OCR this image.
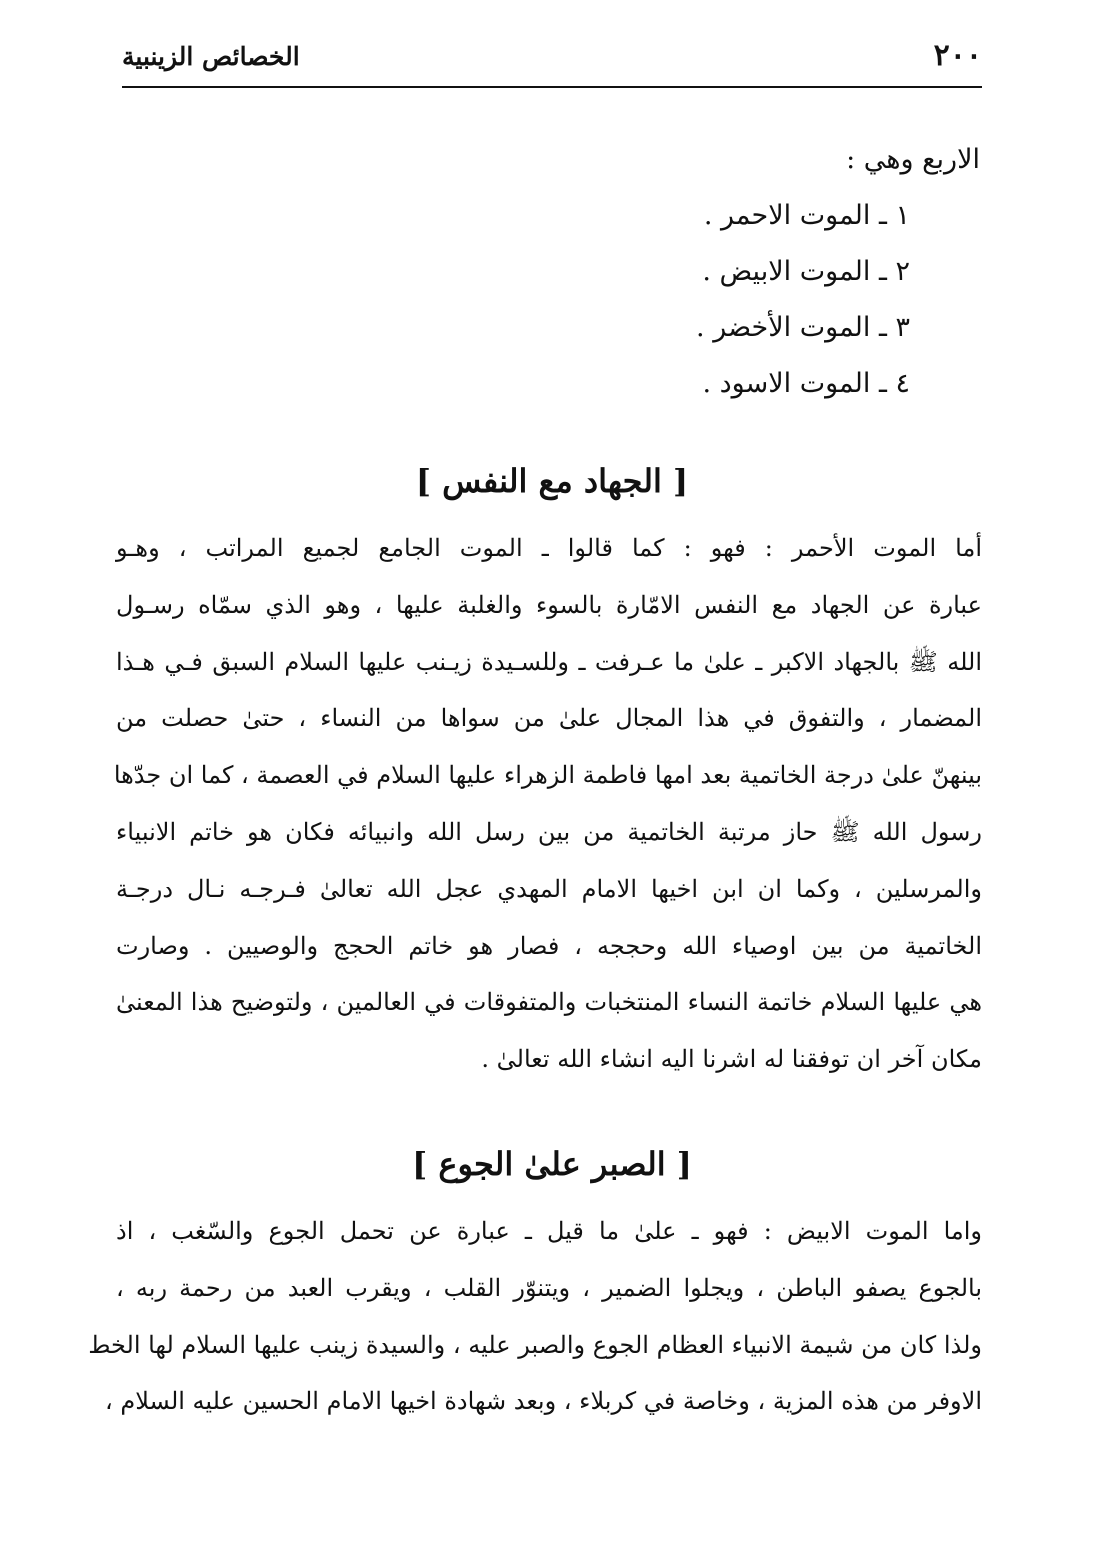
٢٠٠
الخصائص الزينبية
الاربع وهي :
١ ـ الموت الاحمر .
٢ ـ الموت الابيض .
٣ ـ الموت الأخضر .
٤ ـ الموت الاسود .
[ الجهاد مع النفس ]

أما الموت الأحمر : فهو : كما قالوا ـ الموت الجامع لجميع المراتب ، وهـو
عبارة عن الجهاد مع النفس الامّارة بالسوء والغلبة عليها ، وهو الذي سمّاه رسـول
الله ﷺ بالجهاد الاكبر ـ علىٰ ما عـرفت ـ وللسـيدة زيـنب عليها السلام السبق فـي هـذا
المضمار ، والتفوق في هذا المجال علىٰ من سواها من النساء ، حتىٰ حصلت من
بينهنّ علىٰ درجة الخاتمية بعد امها فاطمة الزهراء عليها السلام في العصمة ، كما ان جدّها
رسول الله ﷺ حاز مرتبة الخاتمية من بين رسل الله وانبيائه فكان هو خاتم الانبياء
والمرسلين ، وكما ان ابن اخيها الامام المهدي عجل الله تعالىٰ فـرجـه نـال درجـة
الخاتمية من بين اوصياء الله وحججه ، فصار هو خاتم الحجج والوصيين . وصارت
هي عليها السلام خاتمة النساء المنتخبات والمتفوقات في العالمين ، ولتوضيح هذا المعنىٰ
مكان آخر ان توفقنا له اشرنا اليه انشاء الله تعالىٰ .

[ الصبر علىٰ الجوع ]

واما الموت الابيض : فهو ـ علىٰ ما قيل ـ عبارة عن تحمل الجوع والسّغب ، اذ
بالجوع يصفو الباطن ، ويجلوا الضمير ، ويتنوّر القلب ، ويقرب العبد من رحمة ربه ،
ولذا كان من شيمة الانبياء العظام الجوع والصبر عليه ، والسيدة زينب عليها السلام لها الخط
الاوفر من هذه المزية ، وخاصة في كربلاء ، وبعد شهادة اخيها الامام الحسين عليه السلام ،
